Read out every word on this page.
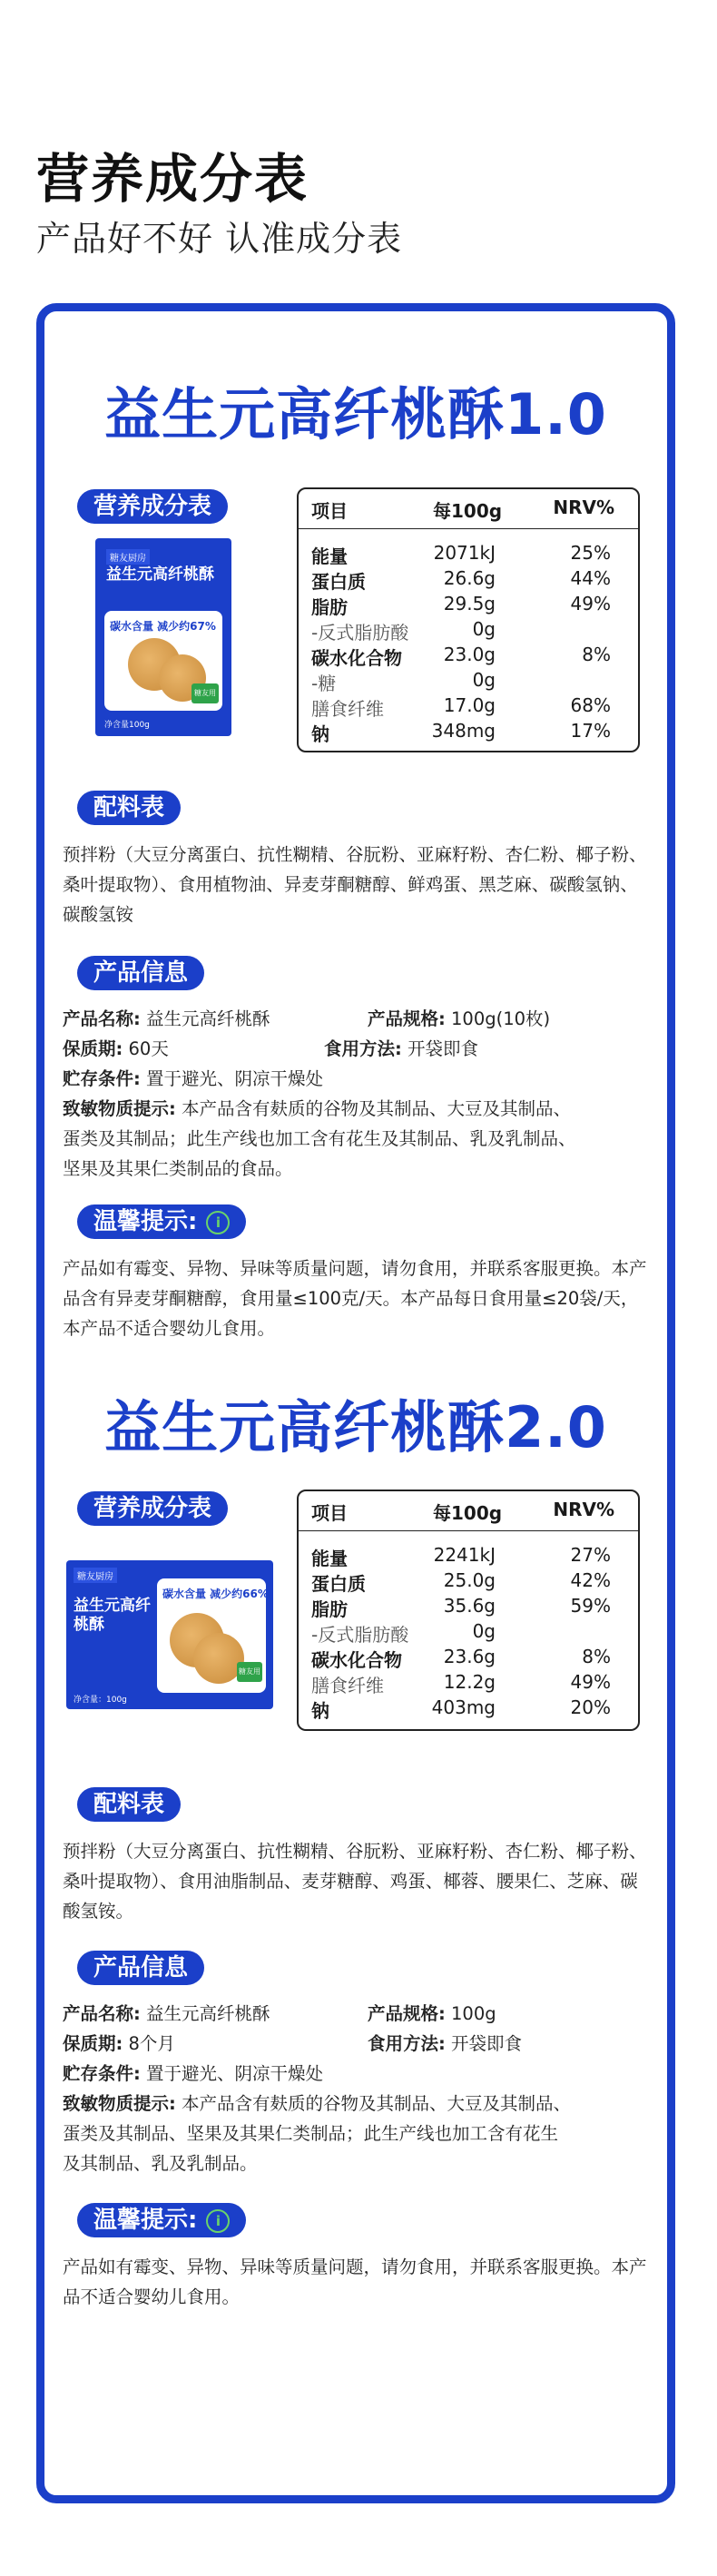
营养成分表
产品好不好 认准成分表
益生元高纤桃酥1.0
营养成分表
糖友厨房
益生元高纤桃酥
碳水含量 减少约67%
糖友用
净含量100g
项目	每100g	NRV%
能量	2071kJ	25%
蛋白质	26.6g	44%
脂肪	29.5g	49%
-反式脂肪酸	0g
碳水化合物 23.0g	8%
-糖	0g
膳食纤维	17.0g	68%
钠	348mg	17%
配料表
预拌粉（大豆分离蛋白、抗性糊精、谷朊粉、亚麻籽粉、杏仁粉、椰子粉、桑叶提取物）、食用植物油、异麦芽酮糖醇、鲜鸡蛋、黑芝麻、碳酸氢钠、碳酸氢铵
产品信息
产品名称: 益生元高纤桃酥	产品规格: 100g(10枚)
保质期: 60天	食用方法: 开袋即食
贮存条件: 置于避光、阴凉干燥处
致敏物质提示: 本产品含有麸质的谷物及其制品、大豆及其制品、
蛋类及其制品；此生产线也加工含有花生及其制品、乳及乳制品、
坚果及其果仁类制品的食品。
温馨提示: i
产品如有霉变、异物、异味等质量问题，请勿食用，并联系客服更换。本产品含有异麦芽酮糖醇，食用量≤100克/天。本产品每日食用量≤20袋/天，本产品不适合婴幼儿食用。
益生元高纤桃酥2.0
营养成分表
糖友厨房
益生元高纤桃酥
碳水含量 减少约66%
糖友用
净含量：100g
项目	每100g	NRV%
能量	2241kJ	27%
蛋白质	25.0g	42%
脂肪	35.6g	59%
-反式脂肪酸	0g
碳水化合物 23.6g	8%
膳食纤维	12.2g	49%
钠	403mg	20%
配料表
预拌粉（大豆分离蛋白、抗性糊精、谷朊粉、亚麻籽粉、杏仁粉、椰子粉、桑叶提取物）、食用油脂制品、麦芽糖醇、鸡蛋、椰蓉、腰果仁、芝麻、碳酸氢铵。
产品信息
产品名称: 益生元高纤桃酥	产品规格: 100g
保质期: 8个月	食用方法: 开袋即食
贮存条件: 置于避光、阴凉干燥处
致敏物质提示: 本产品含有麸质的谷物及其制品、大豆及其制品、
蛋类及其制品、坚果及其果仁类制品；此生产线也加工含有花生
及其制品、乳及乳制品。
温馨提示: i
产品如有霉变、异物、异味等质量问题，请勿食用，并联系客服更换。本产品不适合婴幼儿食用。
